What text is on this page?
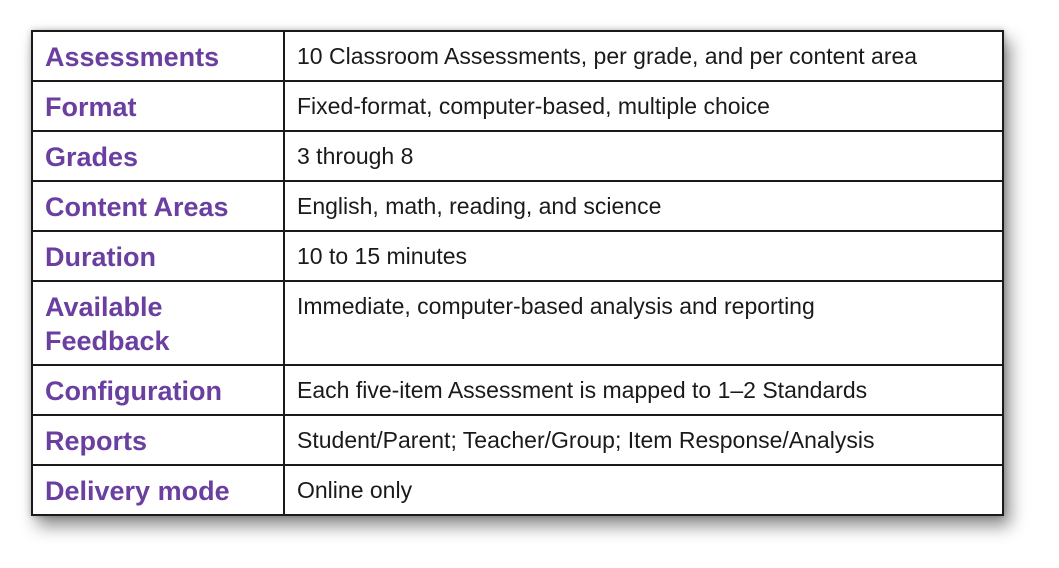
Assessments	10 Classroom Assessments, per grade, and per content area
Format	Fixed-format, computer-based, multiple choice
Grades	3 through 8
Content Areas	English, math, reading, and science
Duration	10 to 15 minutes
Available Feedback	Immediate, computer-based analysis and reporting
Configuration	Each five-item Assessment is mapped to 1–2 Standards
Reports	Student/Parent; Teacher/Group; Item Response/Analysis
Delivery mode	Online only
